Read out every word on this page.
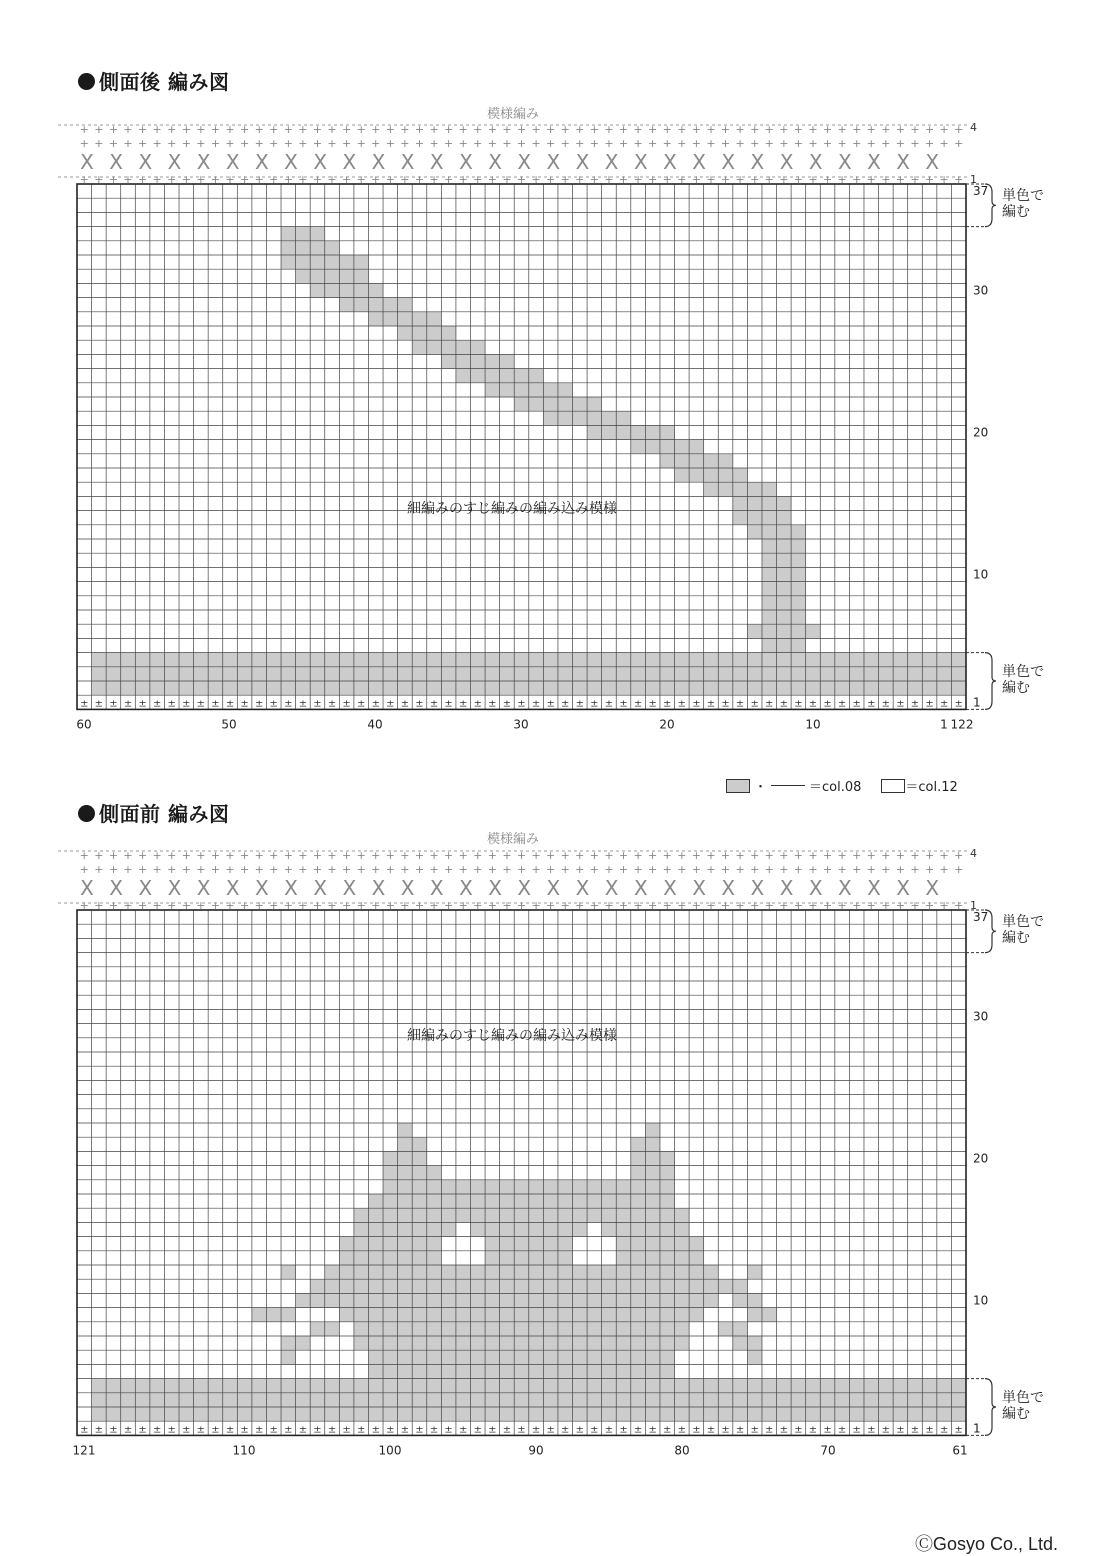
側面後 編み図
模様編み
± ± ± ± ± ± ± ± ± ± ± ± ± ± ± ± ± ± ± ± ± ± ± ± ± ± ± ± ± ± ± ± ± ± ± ± ± ± ± ± ± ± ± ± ± ± ± ± ± ± ± ± ± ± ± ± ± ± ± ± ±
+ + + + + + + + + + + + + + + + + + + + + + + + + + + + + + + + + + + + + + + + + + + + + + + + + + + + + + + + + + + + +
+ + + + + + + + + + + + + + + + + + + + + + + + + + + + + + + + + + + + + + + + + + + + + + + + + + + + + + + + + + + + +
+ + + + + + + + + + + + + + + + + + + + + + + + + + + + + + + + + + + + + + + + + + + + + + + + + + + + + + + + + + + + +
X X X X X X X X X X X X X X X X X X X X X X X X X X X X X X
4
1
1
10
20
30
37
60	50	40	30	20	10	1 122
細編みのすじ編みの編み込み模様
単色で
編む
単色で
編む
・	＝col.08	＝col.12
側面前 編み図
模様編み
± ± ± ± ± ± ± ± ± ± ± ± ± ± ± ± ± ± ± ± ± ± ± ± ± ± ± ± ± ± ± ± ± ± ± ± ± ± ± ± ± ± ± ± ± ± ± ± ± ± ± ± ± ± ± ± ± ± ± ± ±
+ + + + + + + + + + + + + + + + + + + + + + + + + + + + + + + + + + + + + + + + + + + + + + + + + + + + + + + + + + + + +
+ + + + + + + + + + + + + + + + + + + + + + + + + + + + + + + + + + + + + + + + + + + + + + + + + + + + + + + + + + + + +
+ + + + + + + + + + + + + + + + + + + + + + + + + + + + + + + + + + + + + + + + + + + + + + + + + + + + + + + + + + + + +
X X X X X X X X X X X X X X X X X X X X X X X X X X X X X X
4
1
1
10
20
30
37
121	110	100	90	80	70	61
細編みのすじ編みの編み込み模様
単色で
編む
単色で
編む
ⒸGosyo Co., Ltd.
